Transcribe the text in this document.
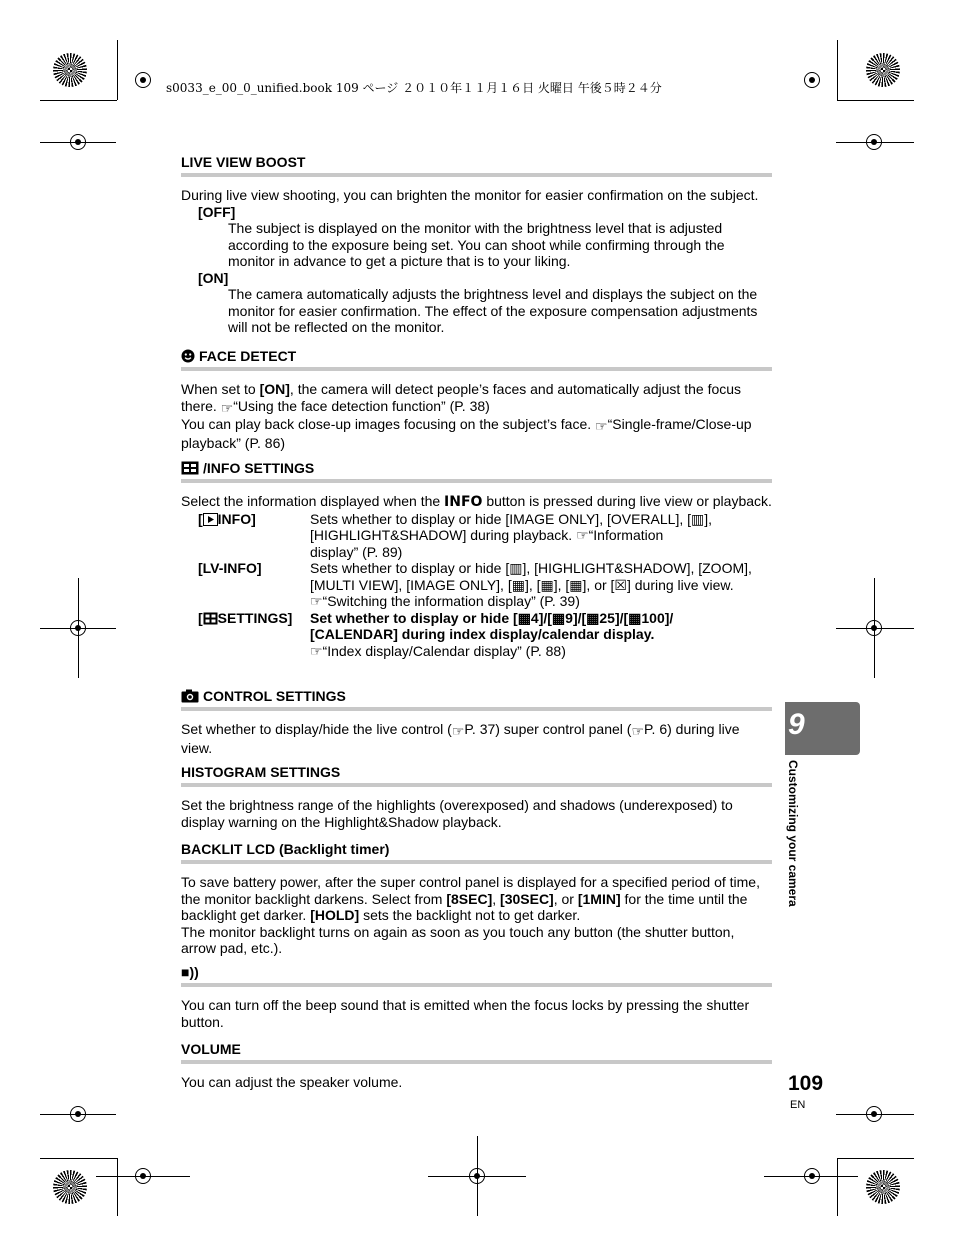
s0033_e_00_0_unified.book 109 ページ ２０１０年１１月１６日 火曜日 午後５時２４分
LIVE VIEW BOOST

During live view shooting, you can brighten the monitor for easier confirmation on the subject.

[OFF]

The subject is displayed on the monitor with the brightness level that is adjusted according to the exposure being set. You can shoot while confirming through the monitor in advance to get a picture that is to your liking.

[ON]

The camera automatically adjusts the brightness level and displays the subject on the monitor for easier confirmation. The effect of the exposure compensation adjustments will not be reflected on the monitor.

FACE DETECT

When set to [ON], the camera will detect people’s faces and automatically adjust the focus there. ☞“Using the face detection function” (P. 38)

You can play back close-up images focusing on the subject’s face. ☞“Single-frame/Close-up playback” (P. 86)

/INFO SETTINGS

Select the information displayed when the INFO button is pressed during live view or playback.

[ INFO]	Sets whether to display or hide [IMAGE ONLY], [OVERALL], [▥],
[HIGHLIGHT&SHADOW] during playback. ☞“Information
display” (P. 89)
[LV-INFO]	Sets whether to display or hide [▥], [HIGHLIGHT&SHADOW], [ZOOM],
[MULTI VIEW], [IMAGE ONLY], [▦], [▦], [▦], or [☒] during live view.
☞“Switching the information display” (P. 39)
[ SETTINGS]	Set whether to display or hide [▦4]/[▦9]/[▦25]/[▦100]/
[CALENDAR] during index display/calendar display.
☞“Index display/Calendar display” (P. 88)
CONTROL SETTINGS

Set whether to display/hide the live control (☞P. 37) super control panel (☞P. 6) during live view.

HISTOGRAM SETTINGS

Set the brightness range of the highlights (overexposed) and shadows (underexposed) to display warning on the Highlight&Shadow playback.

BACKLIT LCD (Backlight timer)

To save battery power, after the super control panel is displayed for a specified period of time, the monitor backlight darkens. Select from [8SEC], [30SEC], or [1MIN] for the time until the backlight get darker. [HOLD] sets the backlight not to get darker.

The monitor backlight turns on again as soon as you touch any button (the shutter button, arrow pad, etc.).

■))

You can turn off the beep sound that is emitted when the focus locks by pressing the shutter button.

VOLUME

You can adjust the speaker volume.

9
Customizing your camera
109
EN
